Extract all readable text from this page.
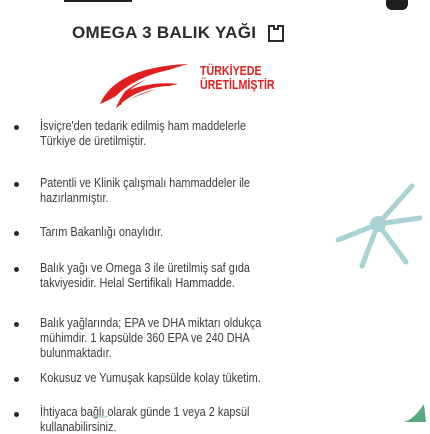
OMEGA 3 BALIK YAĞI
TÜRKİYEDE
ÜRETİLMİŞTİR
İsviçre'den tedarik edilmiş ham maddelerle
Türkiye de üretilmiştir.
Patentli ve Klinik çalışmalı hammaddeler ile
hazırlanmıştır.
Tarım Bakanlığı onaylıdır.
Balık yağı ve Omega 3 ile üretilmiş saf gıda
takviyesidir. Helal Sertifikalı Hammadde.
Balık yağlarında; EPA ve DHA miktarı oldukça
mühimdir. 1 kapsülde 360 EPA ve 240 DHA
bulunmaktadır.
Kokusuz ve Yumuşak kapsülde kolay tüketim.
İhtiyaca bağlı olarak günde 1 veya 2 kapsül
kullanabilirsiniz.
